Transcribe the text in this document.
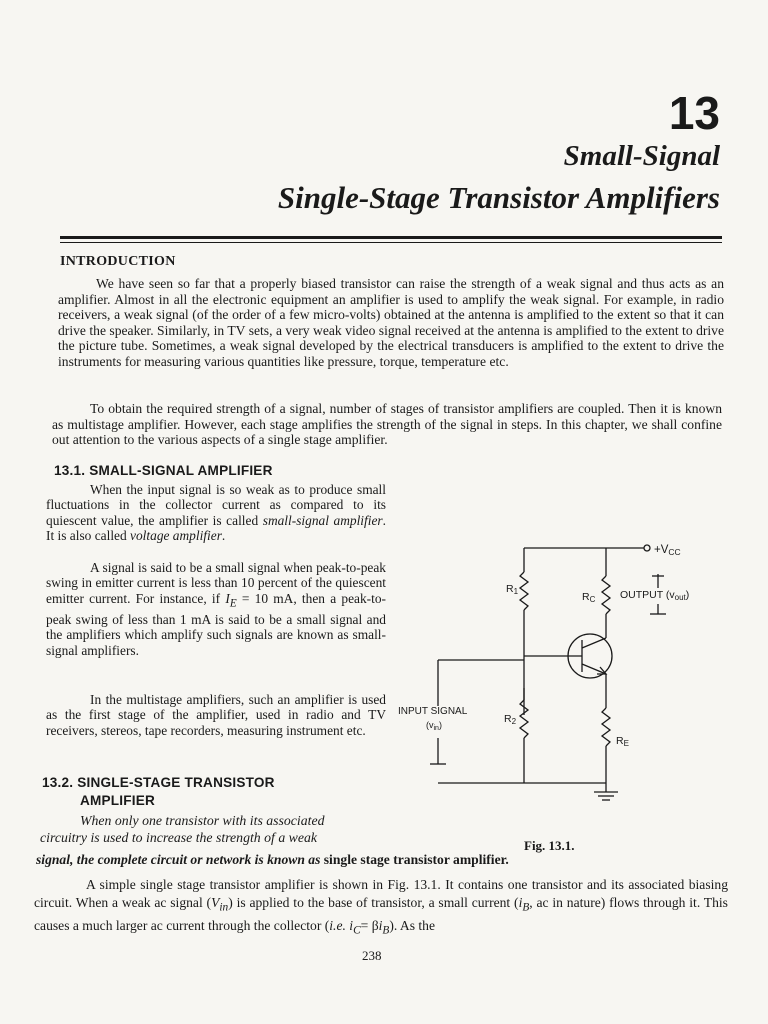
13
Small-Signal
Single-Stage Transistor Amplifiers
INTRODUCTION
We have seen so far that a properly biased transistor can raise the strength of a weak signal and thus acts as an amplifier. Almost in all the electronic equipment an amplifier is used to amplify the weak signal. For example, in radio receivers, a weak signal (of the order of a few micro-volts) obtained at the antenna is amplified to the extent so that it can drive the speaker. Similarly, in TV sets, a very weak video signal received at the antenna is amplified to the extent to drive the picture tube. Sometimes, a weak signal developed by the electrical transducers is amplified to the extent to drive the instruments for measuring various quantities like pressure, torque, temperature etc.
To obtain the required strength of a signal, number of stages of transistor amplifiers are coupled. Then it is known as multistage amplifier. However, each stage amplifies the strength of the signal in steps. In this chapter, we shall confine out attention to the various aspects of a single stage amplifier.
13.1. SMALL-SIGNAL AMPLIFIER
When the input signal is so weak as to produce small fluctuations in the collector current as compared to its quiescent value, the amplifier is called small-signal amplifier. It is also called voltage amplifier.
A signal is said to be a small signal when peak-to-peak swing in emitter current is less than 10 percent of the quiescent emitter current. For instance, if $I_E = 10$ mA, then a peak-to-peak swing of less than 1 mA is said to be a small signal and the amplifiers which amplify such signals are known as small-signal amplifiers.
In the multistage amplifiers, such an amplifier is used as the first stage of the amplifier, used in radio and TV receivers, stereos, tape recorders, measuring instrument etc.
13.2. SINGLE-STAGE TRANSISTOR
AMPLIFIER
When only one transistor with its associated
circuitry is used to increase the strength of a weak
signal, the complete circuit or network is known as single stage transistor amplifier.
A simple single stage transistor amplifier is shown in Fig. 13.1. It contains one transistor and its associated biasing circuit. When a weak ac signal $(V_{in})$ is applied to the base of transistor, a small current ($i_B$, ac in nature) flows through it. This causes a much larger ac current through the collector (i.e. $i_C= \beta i_B$). As the
+VCC
R1	RC OUTPUT (vout)
RE
INPUT SIGNAL
$(v_{in})$	R2
Fig. 13.1.
238
